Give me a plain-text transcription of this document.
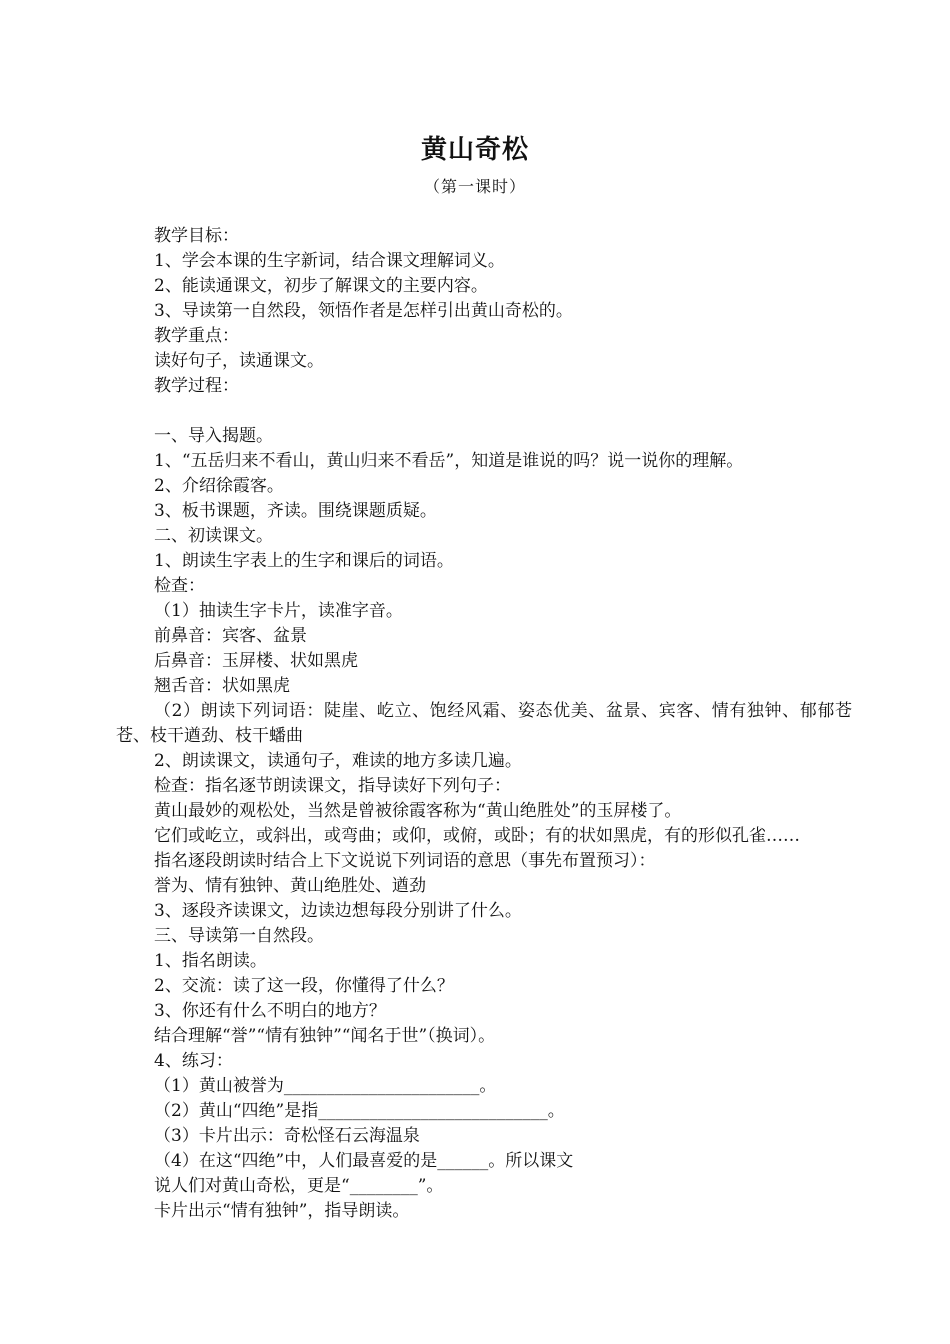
黄山奇松
（第一课时）
教学目标：
1、学会本课的生字新词，结合课文理解词义。
2、能读通课文，初步了解课文的主要内容。
3、导读第一自然段，领悟作者是怎样引出黄山奇松的。
教学重点：
读好句子，读通课文。
教学过程：
一、导入揭题。
1、“五岳归来不看山，黄山归来不看岳”，知道是谁说的吗？说一说你的理解。
2、介绍徐霞客。
3、板书课题，齐读。围绕课题质疑。
二、初读课文。
1、朗读生字表上的生字和课后的词语。
检查：
（1）抽读生字卡片，读准字音。
前鼻音：宾客、盆景
后鼻音：玉屏楼、状如黑虎
翘舌音：状如黑虎
（2）朗读下列词语：陡崖、屹立、饱经风霜、姿态优美、盆景、宾客、情有独钟、郁郁苍苍、枝干遒劲、枝干蟠曲
2、朗读课文，读通句子，难读的地方多读几遍。
检查：指名逐节朗读课文，指导读好下列句子：
黄山最妙的观松处，当然是曾被徐霞客称为“黄山绝胜处”的玉屏楼了。
它们或屹立，或斜出，或弯曲；或仰，或俯，或卧；有的状如黑虎，有的形似孔雀……
指名逐段朗读时结合上下文说说下列词语的意思（事先布置预习）：
誉为、情有独钟、黄山绝胜处、遒劲
3、逐段齐读课文，边读边想每段分别讲了什么。
三、导读第一自然段。
1、指名朗读。
2、交流：读了这一段，你懂得了什么？
3、你还有什么不明白的地方？
结合理解“誉”“情有独钟”“闻名于世”（换词）。
4、练习：
（1）黄山被誉为_______________________。
（2）黄山“四绝”是指___________________________。
（3）卡片出示：奇松怪石云海温泉
（4）在这“四绝”中，人们最喜爱的是______。所以课文
说人们对黄山奇松，更是“________”。
卡片出示“情有独钟”，指导朗读。
